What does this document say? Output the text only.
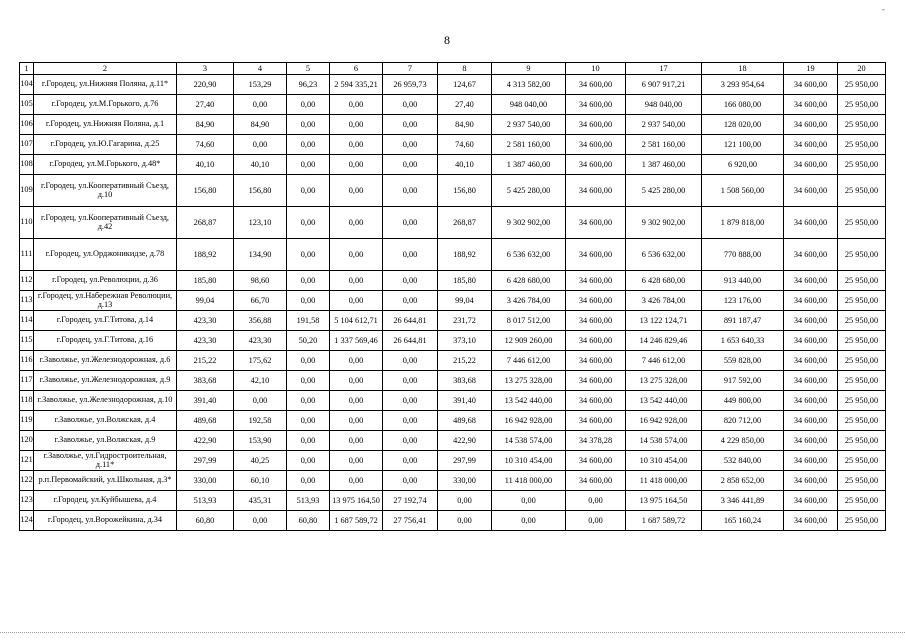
8
-
1	2	3	4	5	6	7	8	9	10	17	18	19	20
104	г.Городец, ул.Нижняя Поляна, д.11*	220,90	153,29	96,23	2 594 335,21	26 959,73	124,67	4 313 582,00	34 600,00	6 907 917,21	3 293 954,64	34 600,00	25 950,00
105	г.Городец, ул.М.Горького, д.76	27,40	0,00	0,00	0,00	0,00	27,40	948 040,00	34 600,00	948 040,00	166 080,00	34 600,00	25 950,00
106	г.Городец, ул.Нижняя Поляна, д.1	84,90	84,90	0,00	0,00	0,00	84,90	2 937 540,00	34 600,00	2 937 540,00	128 020,00	34 600,00	25 950,00
107	г.Городец, ул.Ю.Гагарина, д.25	74,60	0,00	0,00	0,00	0,00	74,60	2 581 160,00	34 600,00	2 581 160,00	121 100,00	34 600,00	25 950,00
108	г.Городец, ул.М.Горького, д.48*	40,10	40,10	0,00	0,00	0,00	40,10	1 387 460,00	34 600,00	1 387 460,00	6 920,00	34 600,00	25 950,00
109	г.Городец, ул.Кооперативный Съезд, д.10	156,80	156,80	0,00	0,00	0,00	156,80	5 425 280,00	34 600,00	5 425 280,00	1 508 560,00	34 600,00	25 950,00
110	г.Городец, ул.Кооперативный Съезд, д.42	268,87	123,10	0,00	0,00	0,00	268,87	9 302 902,00	34 600,00	9 302 902,00	1 879 818,00	34 600,00	25 950,00
111	г.Городец, ул.Орджоникидзе, д.78	188,92	134,90	0,00	0,00	0,00	188,92	6 536 632,00	34 600,00	6 536 632,00	770 888,00	34 600,00	25 950,00
112	г.Городец, ул.Революции, д.36	185,80	98,60	0,00	0,00	0,00	185,80	6 428 680,00	34 600,00	6 428 680,00	913 440,00	34 600,00	25 950,00
113	г.Городец, ул.Набережная Революции, д.13	99,04	66,70	0,00	0,00	0,00	99,04	3 426 784,00	34 600,00	3 426 784,00	123 176,00	34 600,00	25 950,00
114	г.Городец, ул.Г.Титова, д.14	423,30	356,88	191,58	5 104 612,71	26 644,81	231,72	8 017 512,00	34 600,00	13 122 124,71	891 187,47	34 600,00	25 950,00
115	г.Городец, ул.Г.Титова, д.16	423,30	423,30	50,20	1 337 569,46	26 644,81	373,10	12 909 260,00	34 600,00	14 246 829,46	1 653 640,33	34 600,00	25 950,00
116	г.Заволжье, ул.Железнодорожная, д.6	215,22	175,62	0,00	0,00	0,00	215,22	7 446 612,00	34 600,00	7 446 612,00	559 828,00	34 600,00	25 950,00
117	г.Заволжье, ул.Железнодорожная, д.9	383,68	42,10	0,00	0,00	0,00	383,68	13 275 328,00	34 600,00	13 275 328,00	917 592,00	34 600,00	25 950,00
118	г.Заволжье, ул.Железнодорожная, д.10	391,40	0,00	0,00	0,00	0,00	391,40	13 542 440,00	34 600,00	13 542 440,00	449 800,00	34 600,00	25 950,00
119	г.Заволжье, ул.Волжская, д.4	489,68	192,58	0,00	0,00	0,00	489,68	16 942 928,00	34 600,00	16 942 928,00	820 712,00	34 600,00	25 950,00
120	г.Заволжье, ул.Волжская, д.9	422,90	153,90	0,00	0,00	0,00	422,90	14 538 574,00	34 378,28	14 538 574,00	4 229 850,00	34 600,00	25 950,00
121	г.Заволжье, ул.Гидростроительная, д.11*	297,99	40,25	0,00	0,00	0,00	297,99	10 310 454,00	34 600,00	10 310 454,00	532 840,00	34 600,00	25 950,00
122	р.п.Первомайский, ул.Школьная, д.3*	330,00	60,10	0,00	0,00	0,00	330,00	11 418 000,00	34 600,00	11 418 000,00	2 858 652,00	34 600,00	25 950,00
123	г.Городец, ул.Куйбышева, д.4	513,93	435,31	513,93	13 975 164,50	27 192,74	0,00	0,00	0,00	13 975 164,50	3 346 441,89	34 600,00	25 950,00
124	г.Городец, ул.Ворожейкина, д.34	60,80	0,00	60,80	1 687 589,72	27 756,41	0,00	0,00	0,00	1 687 589,72	165 160,24	34 600,00	25 950,00
